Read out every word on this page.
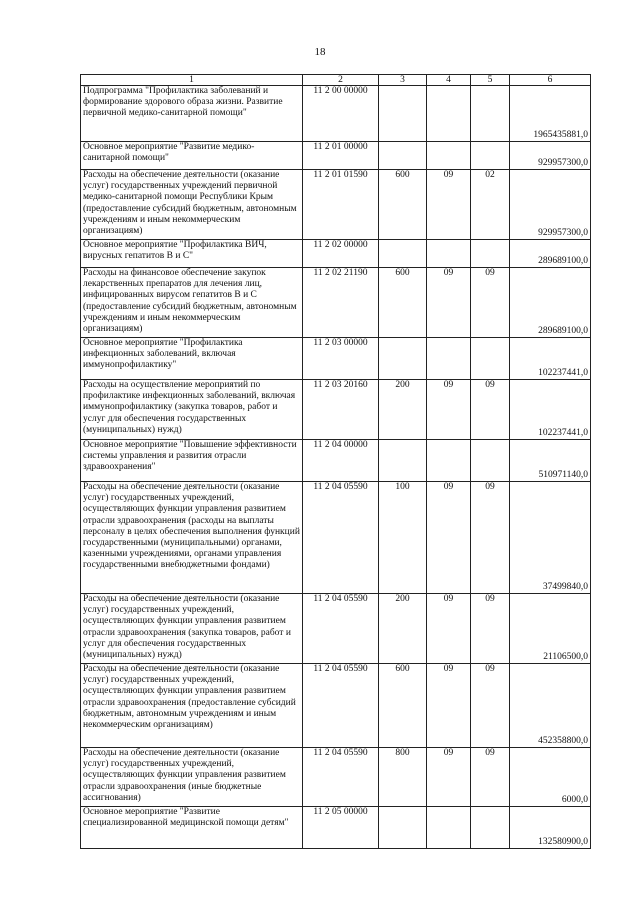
18
1	2	3	4	5	6
Подпрограмма "Профилактика заболеваний и формирование здорового образа жизни. Развитие первичной медико-санитарной помощи"	11 2 00 00000				1965435881,0
Основное мероприятие "Развитие медико-санитарной помощи"	11 2 01 00000				929957300,0
Расходы на обеспечение деятельности (оказание услуг) государственных учреждений первичной медико-санитарной помощи Республики Крым (предоставление субсидий бюджетным, автономным учреждениям и иным некоммерческим организациям)	11 2 01 01590	600	09	02	929957300,0
Основное мероприятие "Профилактика ВИЧ, вирусных гепатитов В и С"	11 2 02 00000				289689100,0
Расходы на финансовое обеспечение закупок лекарственных препаратов для лечения лиц, инфицированных вирусом гепатитов В и С (предоставление субсидий бюджетным, автономным учреждениям и иным некоммерческим организациям)	11 2 02 21190	600	09	09	289689100,0
Основное мероприятие "Профилактика инфекционных заболеваний, включая иммунопрофилактику"	11 2 03 00000				102237441,0
Расходы на осуществление мероприятий по профилактике инфекционных заболеваний, включая иммунопрофилактику (закупка товаров, работ и услуг для обеспечения государственных (муниципальных) нужд)	11 2 03 20160	200	09	09	102237441,0
Основное мероприятие "Повышение эффективности системы управления и развития отрасли здравоохранения"	11 2 04 00000				510971140,0
Расходы на обеспечение деятельности (оказание услуг) государственных учреждений, осуществляющих функции управления развитием отрасли здравоохранения (расходы на выплаты персоналу в целях обеспечения выполнения функций государственными (муниципальными) органами, казенными учреждениями, органами управления государственными внебюджетными фондами)	11 2 04 05590	100	09	09	37499840,0
Расходы на обеспечение деятельности (оказание услуг) государственных учреждений, осуществляющих функции управления развитием отрасли здравоохранения (закупка товаров, работ и услуг для обеспечения государственных (муниципальных) нужд)	11 2 04 05590	200	09	09	21106500,0
Расходы на обеспечение деятельности (оказание услуг) государственных учреждений, осуществляющих функции управления развитием отрасли здравоохранения (предоставление субсидий бюджетным, автономным учреждениям и иным некоммерческим организациям)	11 2 04 05590	600	09	09	452358800,0
Расходы на обеспечение деятельности (оказание услуг) государственных учреждений, осуществляющих функции управления развитием отрасли здравоохранения (иные бюджетные ассигнования)	11 2 04 05590	800	09	09	6000,0
Основное мероприятие "Развитие специализированной медицинской помощи детям"	11 2 05 00000				132580900,0
